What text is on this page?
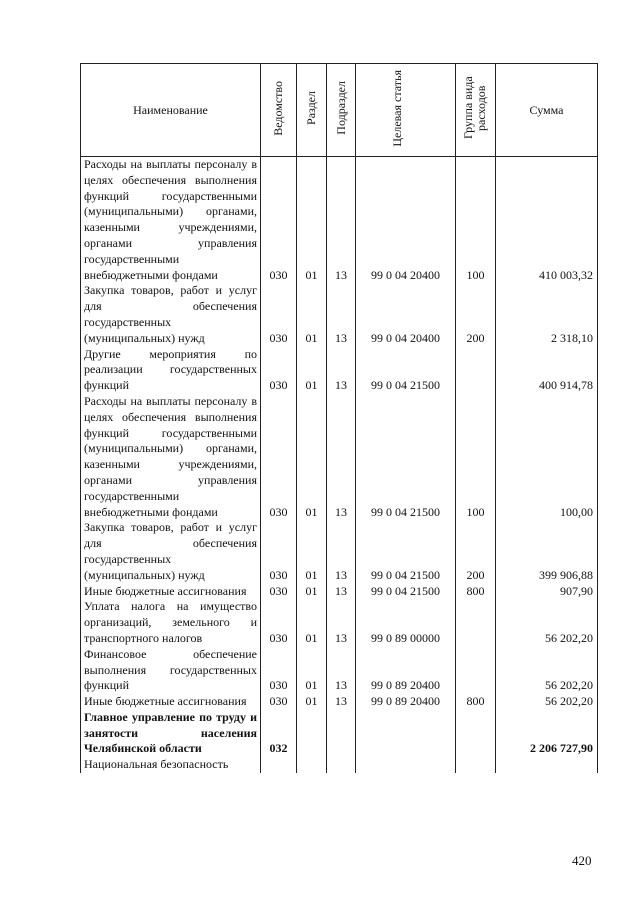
Наименование	Ведомство	Раздел	Подраздел	Целевая статья	Группа вида расходов	Сумма
Расходы на выплаты персоналу в целях обеспечения выполнения функций государственными (муниципальными) органами, казенными учреждениями, органами управления государственными внебюджетными фондами	030	01	13	99 0 04 20400	100	410 003,32
Закупка товаров, работ и услуг для обеспечения государственных (муниципальных) нужд	030	01	13	99 0 04 20400	200	2 318,10
Другие мероприятия по реализации государственных функций	030	01	13	99 0 04 21500		400 914,78
Расходы на выплаты персоналу в целях обеспечения выполнения функций государственными (муниципальными) органами, казенными учреждениями, органами управления государственными внебюджетными фондами	030	01	13	99 0 04 21500	100	100,00
Закупка товаров, работ и услуг для обеспечения государственных (муниципальных) нужд	030	01	13	99 0 04 21500	200	399 906,88
Иные бюджетные ассигнования	030	01	13	99 0 04 21500	800	907,90
Уплата налога на имущество организаций, земельного и транспортного налогов	030	01	13	99 0 89 00000		56 202,20
Финансовое обеспечение выполнения государственных функций	030	01	13	99 0 89 20400		56 202,20
Иные бюджетные ассигнования	030	01	13	99 0 89 20400	800	56 202,20
Главное управление по труду и занятости населения Челябинской области	032					2 206 727,90
Национальная безопасность						
420
